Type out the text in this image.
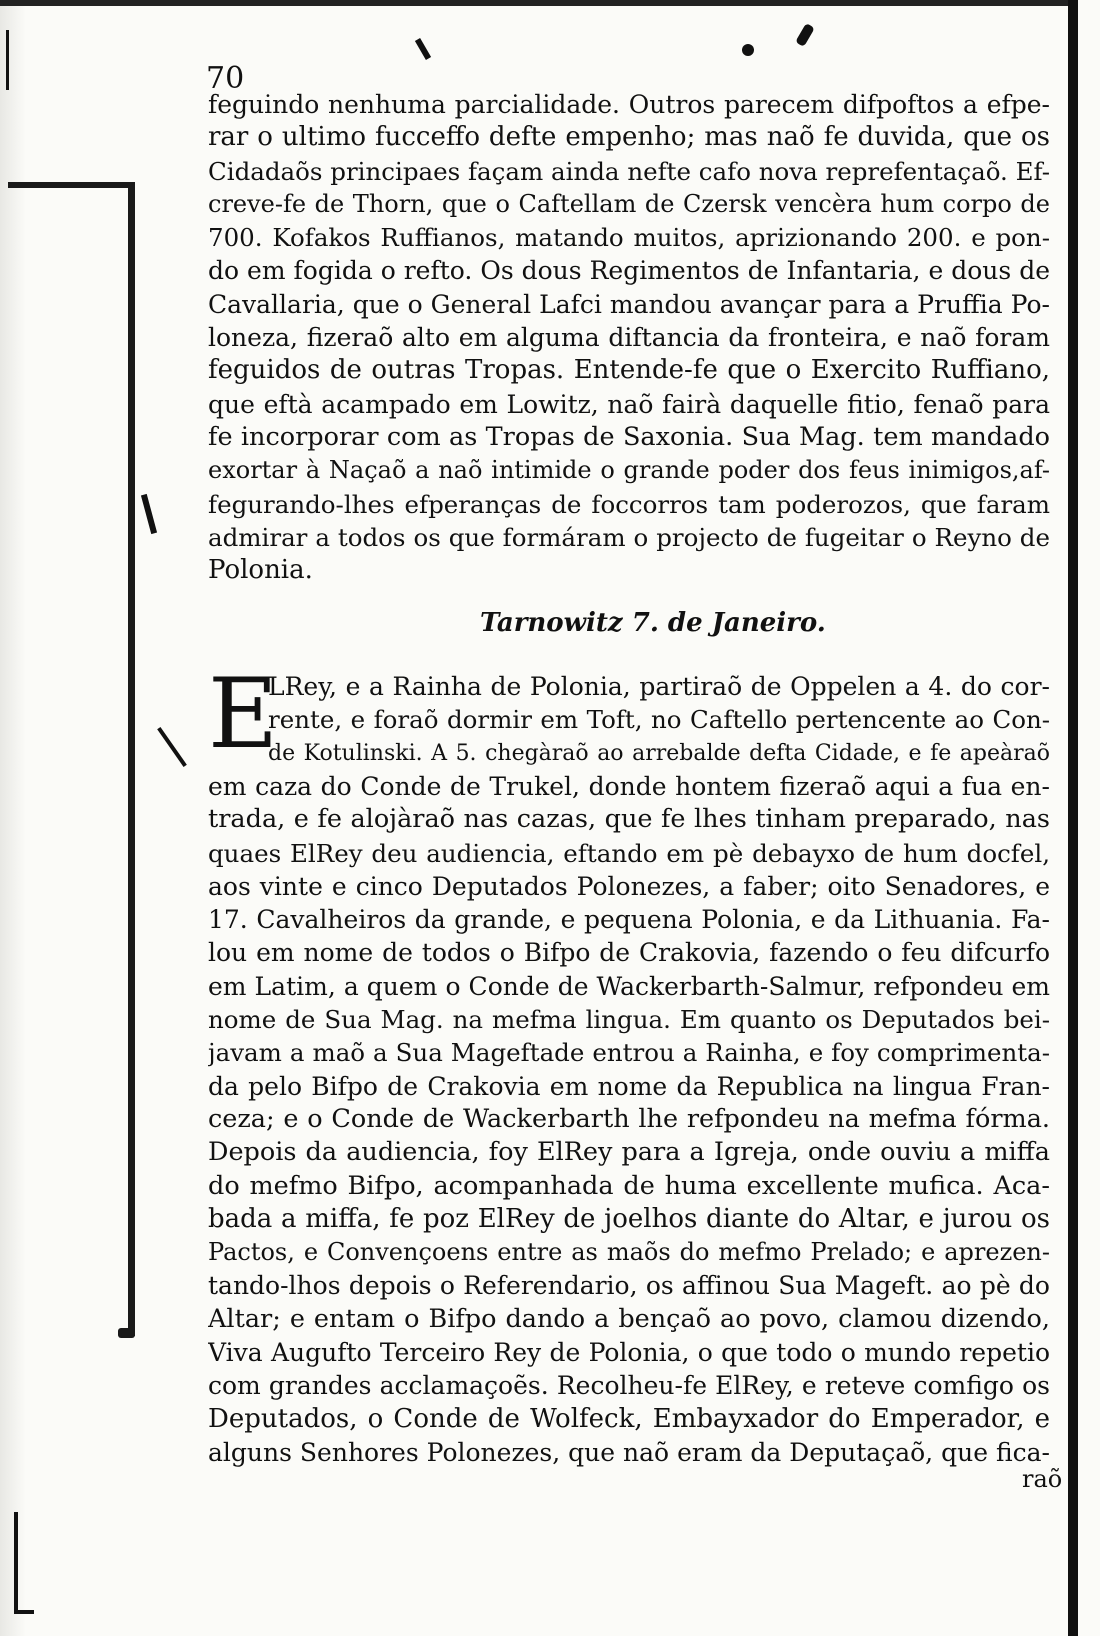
70
feguindo nenhuma parcialidade. Outros parecem difpoftos a efpe-
rar o ultimo fucceffo defte empenho; mas naõ fe duvida, que os
Cidadaõs principaes façam ainda nefte cafo nova reprefentaçaõ. Ef-
creve-fe de Thorn, que o Caftellam de Czersk vencèra hum corpo de
700. Kofakos Ruffianos, matando muitos, aprizionando 200. e pon-
do em fogida o refto. Os dous Regimentos de Infantaria, e dous de
Cavallaria, que o General Lafci mandou avançar para a Pruffia Po-
loneza, fizeraõ alto em alguma diftancia da fronteira, e naõ foram
feguidos de outras Tropas. Entende-fe que o Exercito Ruffiano,
que eftà acampado em Lowitz, naõ fairà daquelle fitio, fenaõ para
fe incorporar com as Tropas de Saxonia. Sua Mag. tem mandado
exortar à Naçaõ a naõ intimide o grande poder dos feus inimigos,af-
fegurando-lhes efperanças de foccorros tam poderozos, que faram
admirar a todos os que formáram o projecto de fugeitar o Reyno de
Polonia.
Tarnowitz 7. de Janeiro.
E
LRey, e a Rainha de Polonia, partiraõ de Oppelen a 4. do cor-
rente, e foraõ dormir em Toft, no Caftello pertencente ao Con-
de Kotulinski. A 5. chegàraõ ao arrebalde defta Cidade, e fe apeàraõ
em caza do Conde de Trukel, donde hontem fizeraõ aqui a fua en-
trada, e fe alojàraõ nas cazas, que fe lhes tinham preparado, nas
quaes ElRey deu audiencia, eftando em pè debayxo de hum docfel,
aos vinte e cinco Deputados Polonezes, a faber; oito Senadores, e
17. Cavalheiros da grande, e pequena Polonia, e da Lithuania. Fa-
lou em nome de todos o Bifpo de Crakovia, fazendo o feu difcurfo
em Latim, a quem o Conde de Wackerbarth-Salmur, refpondeu em
nome de Sua Mag. na mefma lingua. Em quanto os Deputados bei-
javam a maõ a Sua Mageftade entrou a Rainha, e foy comprimenta-
da pelo Bifpo de Crakovia em nome da Republica na lingua Fran-
ceza; e o Conde de Wackerbarth lhe refpondeu na mefma fórma.
Depois da audiencia, foy ElRey para a Igreja, onde ouviu a miffa
do mefmo Bifpo, acompanhada de huma excellente mufica. Aca-
bada a miffa, fe poz ElRey de joelhos diante do Altar, e jurou os
Pactos, e Convençoens entre as maõs do mefmo Prelado; e aprezen-
tando-lhos depois o Referendario, os affinou Sua Mageft. ao pè do
Altar; e entam o Bifpo dando a bençaõ ao povo, clamou dizendo,
Viva Augufto Terceiro Rey de Polonia, o que todo o mundo repetio
com grandes acclamaçoẽs. Recolheu-fe ElRey, e reteve comfigo os
Deputados, o Conde de Wolfeck, Embayxador do Emperador, e
alguns Senhores Polonezes, que naõ eram da Deputaçaõ, que fica-
raõ
